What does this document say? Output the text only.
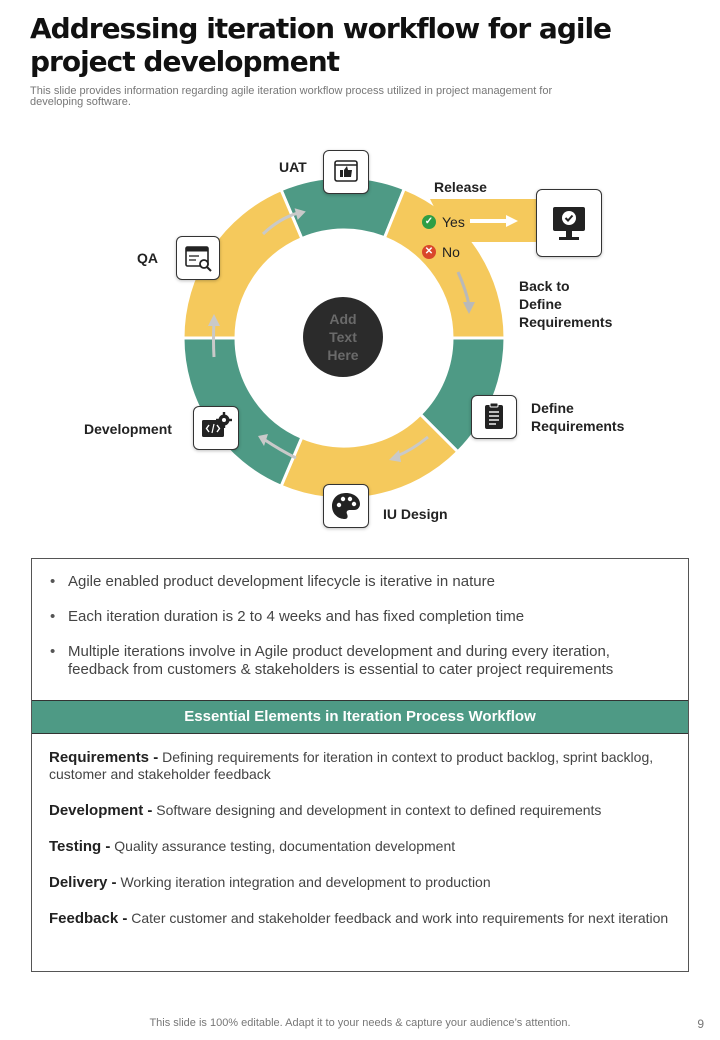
Addressing iteration workflow for agile project development
This slide provides information regarding agile iteration workflow process utilized in project management for developing software.
Add
Text
Here
✓ Yes
✕ No
UAT
Release
Back to
Define
Requirements
Define
Requirements
IU Design
Development
QA
• Agile enabled product development lifecycle is iterative in nature
• Each iteration duration is 2 to 4 weeks and has fixed completion time
• Multiple iterations involve in Agile product development and during every iteration, feedback from customers & stakeholders is essential to cater project requirements
Essential Elements in Iteration Process Workflow
Requirements - Defining requirements for iteration in context to product backlog, sprint backlog, customer and stakeholder feedback
Development - Software designing and development in context to defined requirements
Testing - Quality assurance testing, documentation development
Delivery - Working iteration integration and development to production
Feedback - Cater customer and stakeholder feedback and work into requirements for next iteration
This slide is 100% editable. Adapt it to your needs & capture your audience’s attention.	9
